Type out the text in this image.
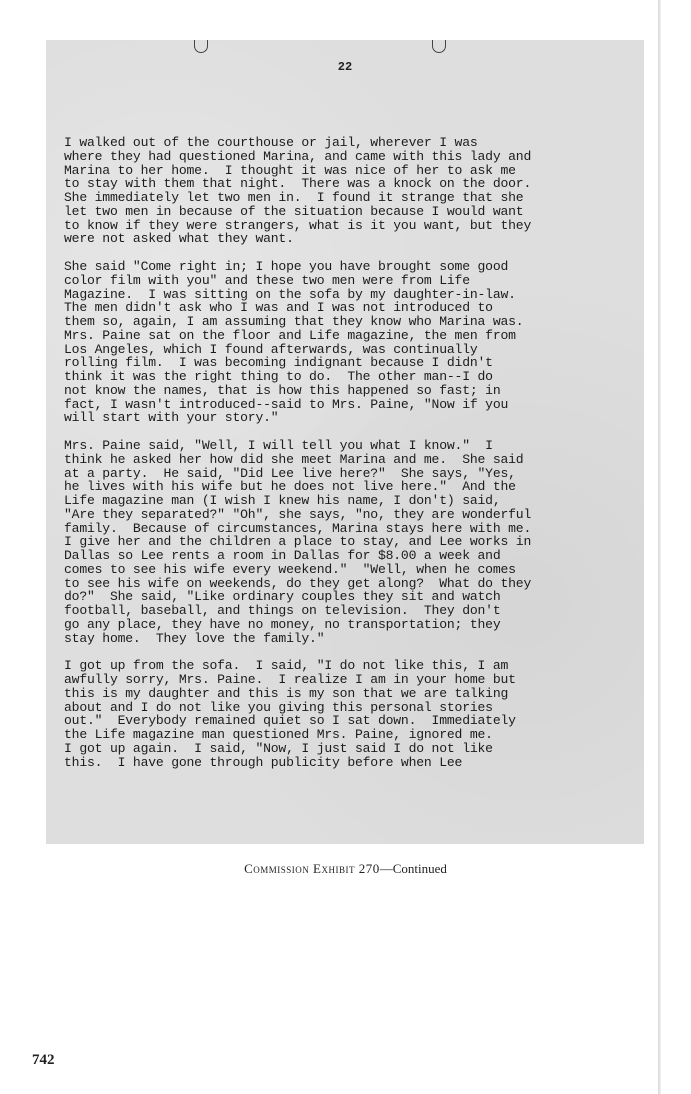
22
I walked out of the courthouse or jail, wherever I was
where they had questioned Marina, and came with this lady and
Marina to her home.  I thought it was nice of her to ask me
to stay with them that night.  There was a knock on the door.
She immediately let two men in.  I found it strange that she
let two men in because of the situation because I would want
to know if they were strangers, what is it you want, but they
were not asked what they want.
She said "Come right in; I hope you have brought some good
color film with you" and these two men were from Life
Magazine.  I was sitting on the sofa by my daughter-in-law.
The men didn't ask who I was and I was not introduced to
them so, again, I am assuming that they know who Marina was.
Mrs. Paine sat on the floor and Life magazine, the men from
Los Angeles, which I found afterwards, was continually
rolling film.  I was becoming indignant because I didn't
think it was the right thing to do.  The other man--I do
not know the names, that is how this happened so fast; in
fact, I wasn't introduced--said to Mrs. Paine, "Now if you
will start with your story."
Mrs. Paine said, "Well, I will tell you what I know."  I
think he asked her how did she meet Marina and me.  She said
at a party.  He said, "Did Lee live here?"  She says, "Yes,
he lives with his wife but he does not live here."  And the
Life magazine man (I wish I knew his name, I don't) said,
"Are they separated?" "Oh", she says, "no, they are wonderful
family.  Because of circumstances, Marina stays here with me.
I give her and the children a place to stay, and Lee works in
Dallas so Lee rents a room in Dallas for $8.00 a week and
comes to see his wife every weekend."  "Well, when he comes
to see his wife on weekends, do they get along?  What do they
do?"  She said, "Like ordinary couples they sit and watch
football, baseball, and things on television.  They don't
go any place, they have no money, no transportation; they
stay home.  They love the family."
I got up from the sofa.  I said, "I do not like this, I am
awfully sorry, Mrs. Paine.  I realize I am in your home but
this is my daughter and this is my son that we are talking
about and I do not like you giving this personal stories
out."  Everybody remained quiet so I sat down.  Immediately
the Life magazine man questioned Mrs. Paine, ignored me.
I got up again.  I said, "Now, I just said I do not like
this.  I have gone through publicity before when Lee
Commission Exhibit 270—Continued
742
